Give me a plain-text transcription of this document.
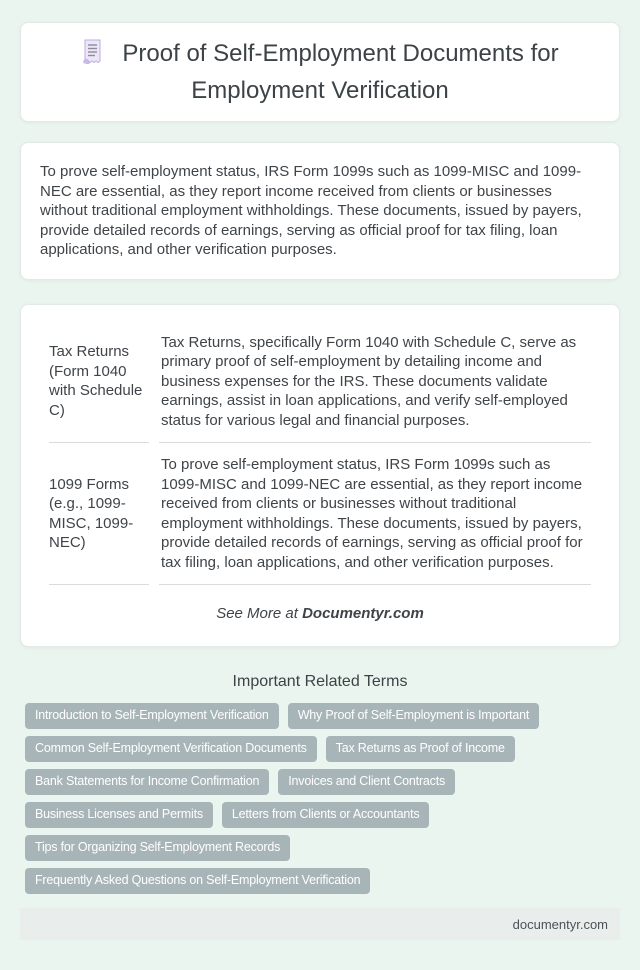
Proof of Self-Employment Documents for Employment Verification

To prove self-employment status, IRS Form 1099s such as 1099-MISC and 1099-NEC are essential, as they report income received from clients or businesses without traditional employment withholdings. These documents, issued by payers, provide detailed records of earnings, serving as official proof for tax filing, loan applications, and other verification purposes.

Tax Returns (Form 1040 with Schedule C)	Tax Returns, specifically Form 1040 with Schedule C, serve as primary proof of self-employment by detailing income and business expenses for the IRS. These documents validate earnings, assist in loan applications, and verify self-employed status for various legal and financial purposes.
1099 Forms (e.g., 1099-MISC, 1099-NEC)	To prove self-employment status, IRS Form 1099s such as 1099-MISC and 1099-NEC are essential, as they report income received from clients or businesses without traditional employment withholdings. These documents, issued by payers, provide detailed records of earnings, serving as official proof for tax filing, loan applications, and other verification purposes.

See More at Documentyr.com

Important Related Terms
Introduction to Self-Employment Verification	Why Proof of Self-Employment is Important
Common Self-Employment Verification Documents	Tax Returns as Proof of Income
Bank Statements for Income Confirmation	Invoices and Client Contracts
Business Licenses and Permits	Letters from Clients or Accountants
Tips for Organizing Self-Employment Records
Frequently Asked Questions on Self-Employment Verification
documentyr.com
